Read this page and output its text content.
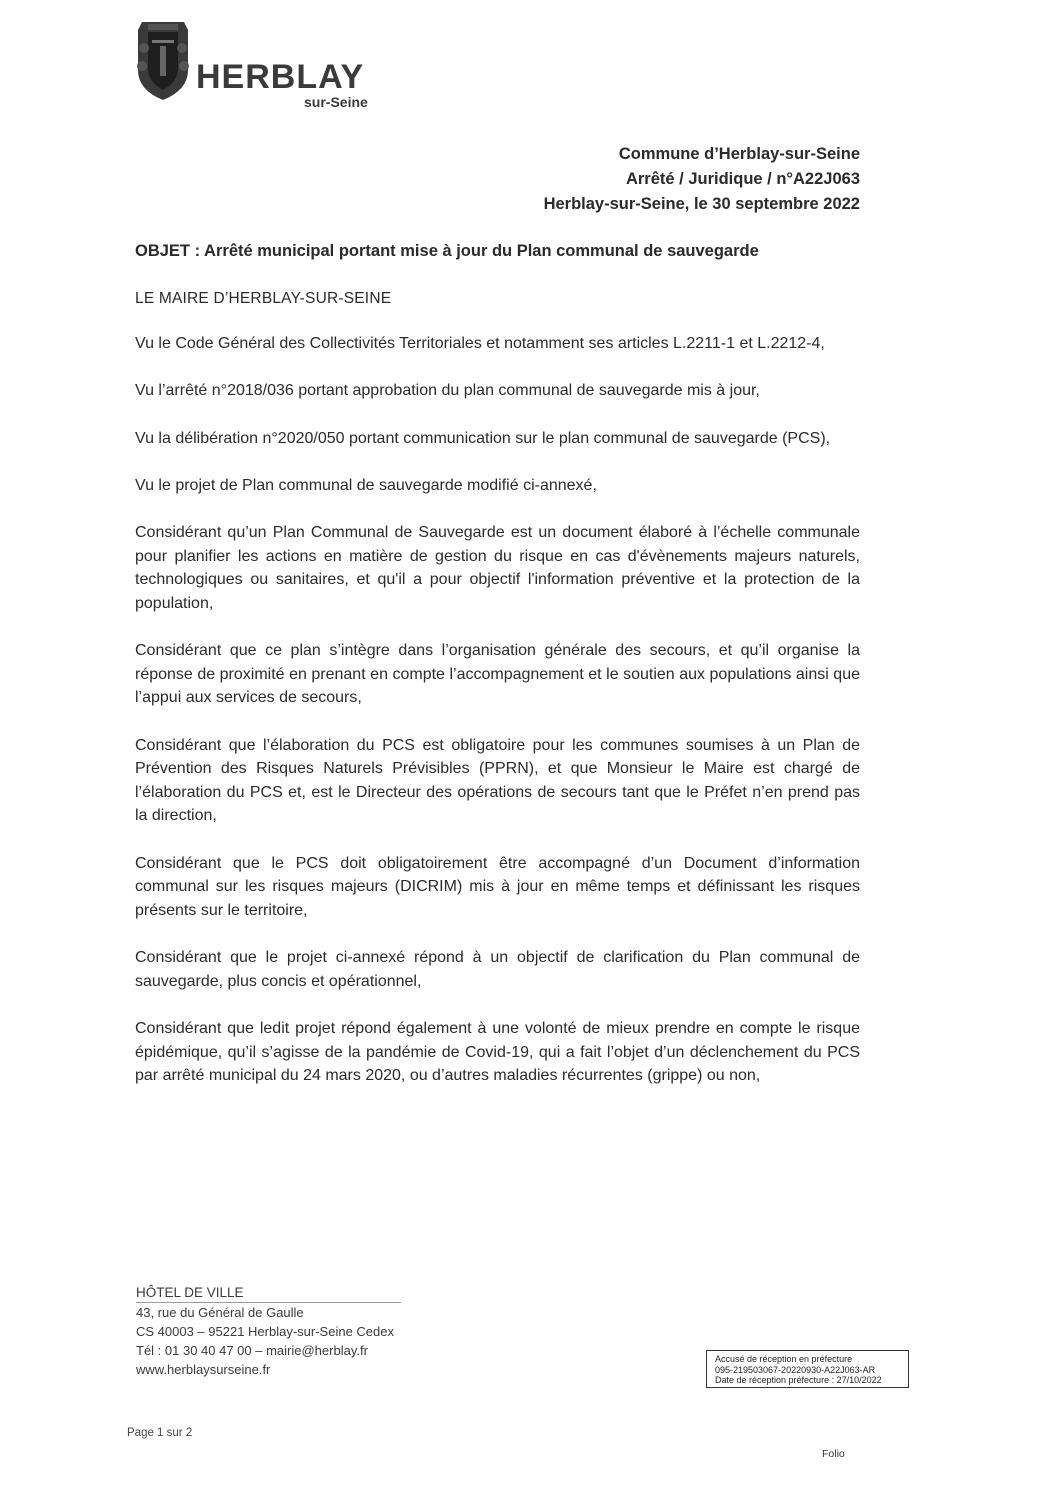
HERBLAY
sur-Seine
Commune d’Herblay-sur-Seine
Arrêté / Juridique / n°A22J063
Herblay-sur-Seine, le 30 septembre 2022
OBJET : Arrêté municipal portant mise à jour du Plan communal de sauvegarde
LE MAIRE D’HERBLAY-SUR-SEINE

Vu le Code Général des Collectivités Territoriales et notamment ses articles L.2211-1 et L.2212-4,

Vu l’arrêté n°2018/036 portant approbation du plan communal de sauvegarde mis à jour,

Vu la délibération n°2020/050 portant communication sur le plan communal de sauvegarde (PCS),

Vu le projet de Plan communal de sauvegarde modifié ci-annexé,

Considérant qu’un Plan Communal de Sauvegarde est un document élaboré à l’échelle communale pour planifier les actions en matière de gestion du risque en cas d'évènements majeurs naturels, technologiques ou sanitaires, et qu'il a pour objectif l'information préventive et la protection de la population,

Considérant que ce plan s’intègre dans l’organisation générale des secours, et qu’il organise la réponse de proximité en prenant en compte l’accompagnement et le soutien aux populations ainsi que l’appui aux services de secours,

Considérant que l’élaboration du PCS est obligatoire pour les communes soumises à un Plan de Prévention des Risques Naturels Prévisibles (PPRN), et que Monsieur le Maire est chargé de l’élaboration du PCS et, est le Directeur des opérations de secours tant que le Préfet n’en prend pas la direction,

Considérant que le PCS doit obligatoirement être accompagné d’un Document d’information communal sur les risques majeurs (DICRIM) mis à jour en même temps et définissant les risques présents sur le territoire,

Considérant que le projet ci-annexé répond à un objectif de clarification du Plan communal de sauvegarde, plus concis et opérationnel,

Considérant que ledit projet répond également à une volonté de mieux prendre en compte le risque épidémique, qu’il s’agisse de la pandémie de Covid-19, qui a fait l’objet d’un déclenchement du PCS par arrêté municipal du 24 mars 2020, ou d’autres maladies récurrentes (grippe) ou non,

HÔTEL DE VILLE
43, rue du Général de Gaulle
CS 40003 – 95221 Herblay-sur-Seine Cedex
Tél : 01 30 40 47 00 – mairie@herblay.fr
www.herblaysurseine.fr
Accusé de réception en préfecture
095-219503067-20220930-A22J063-AR
Date de réception préfecture : 27/10/2022
Page 1 sur 2
Folio
